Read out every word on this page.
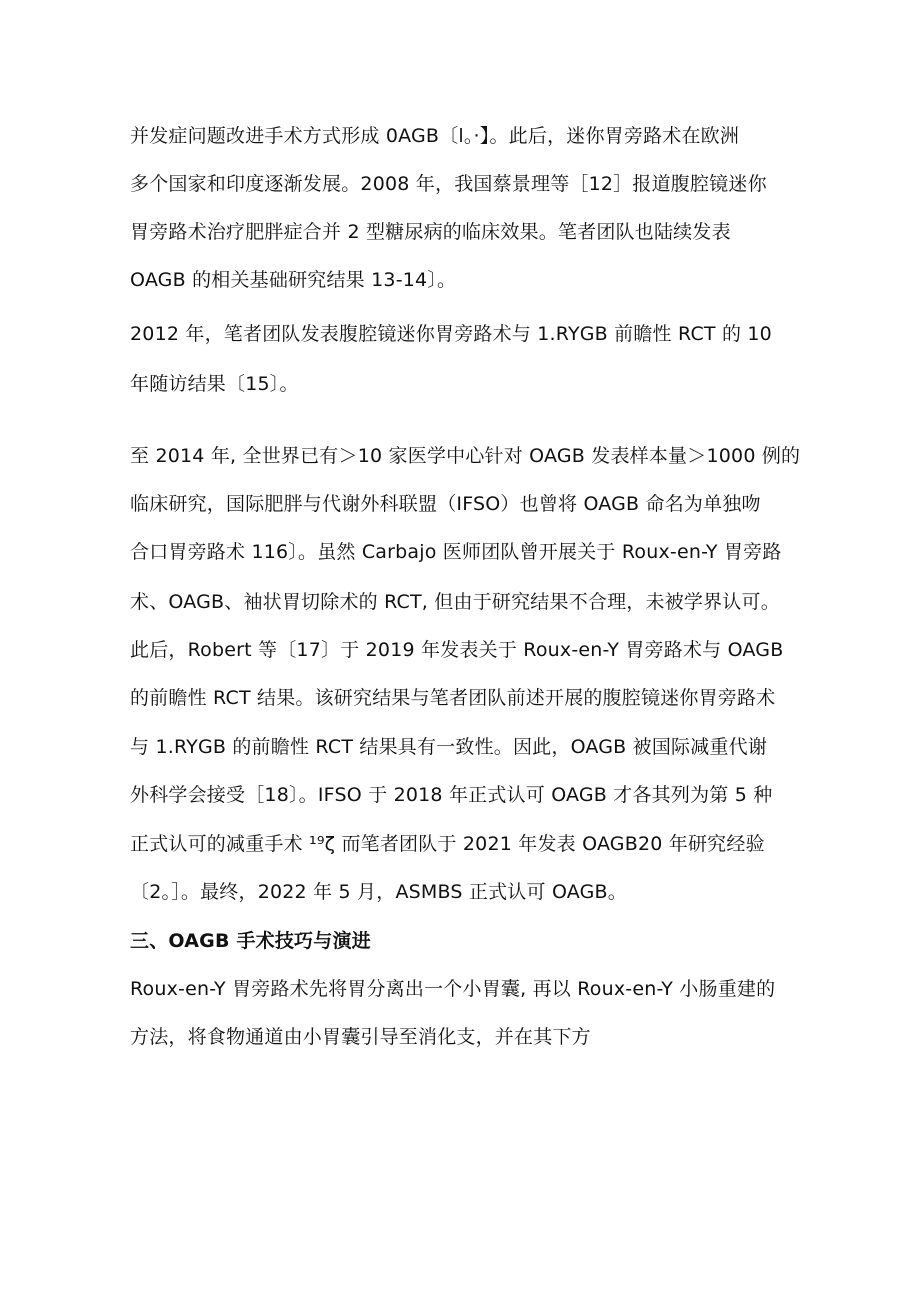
并发症问题改进手术方式形成 0AGB〔l。·】。此后，迷你胃旁路术在欧洲
多个国家和印度逐渐发展。2008 年，我国蔡景理等［12］报道腹腔镜迷你
胃旁路术治疗肥胖症合并 2 型糖尿病的临床效果。笔者团队也陆续发表
OAGB 的相关基础研究结果 13-14〕。
2012 年，笔者团队发表腹腔镜迷你胃旁路术与 1.RYGB 前瞻性 RCT 的 10
年随访结果〔15〕。
至 2014 年, 全世界已有＞10 家医学中心针对 OAGB 发表样本量＞1000 例的
临床研究，国际肥胖与代谢外科联盟（IFSO）也曾将 OAGB 命名为单独吻
合口胃旁路术 116〕。虽然 Carbajo 医师团队曾开展关于 Roux-en-Y 胃旁路
术、OAGB、袖状胃切除术的 RCT, 但由于研究结果不合理，未被学界认可。
此后，Robert 等〔17〕于 2019 年发表关于 Roux-en-Y 胃旁路术与 OAGB
的前瞻性 RCT 结果。该研究结果与笔者团队前述开展的腹腔镜迷你胃旁路术
与 1.RYGB 的前瞻性 RCT 结果具有一致性。因此，OAGB 被国际减重代谢
外科学会接受［18〕。IFSO 于 2018 年正式认可 OAGB 才各其列为第 5 种
正式认可的减重手术 ¹⁹ζ 而笔者团队于 2021 年发表 OAGB20 年研究经验
〔2。］。最终，2022 年 5 月，ASMBS 正式认可 OAGB。
三、OAGB 手术技巧与演进
Roux-en-Y 胃旁路术先将胃分离出一个小胃囊, 再以 Roux-en-Y 小肠重建的
方法，将食物通道由小胃囊引导至消化支，并在其下方
